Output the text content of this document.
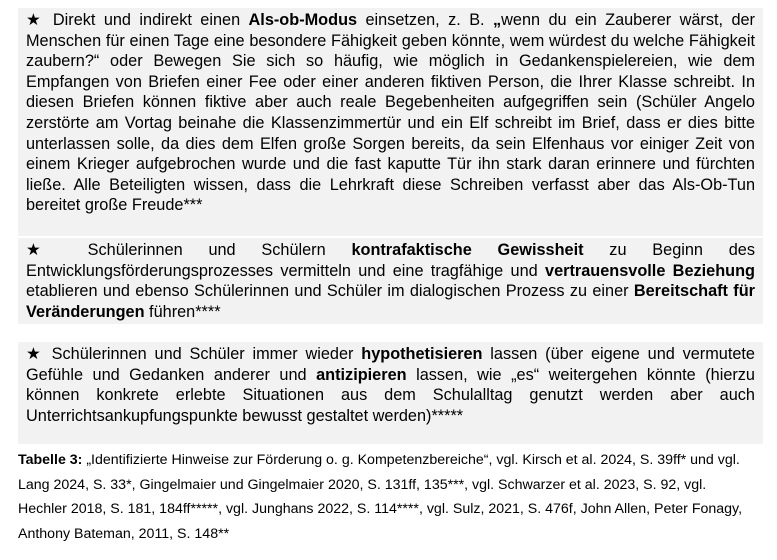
★ Direkt und indirekt einen Als-ob-Modus einsetzen, z. B. „wenn du ein Zauberer wärst, der Menschen für einen Tage eine besondere Fähigkeit geben könnte, wem würdest du welche Fähigkeit zaubern?“ oder Bewegen Sie sich so häufig, wie möglich in Gedankenspielereien, wie dem Empfangen von Briefen einer Fee oder einer anderen fiktiven Person, die Ihrer Klasse schreibt. In diesen Briefen können fiktive aber auch reale Begebenheiten aufgegriffen sein (Schüler Angelo zerstörte am Vortag beinahe die Klassenzimmertür und ein Elf schreibt im Brief, dass er dies bitte unterlassen solle, da dies dem Elfen große Sorgen bereits, da sein Elfenhaus vor einiger Zeit von einem Krieger aufgebrochen wurde und die fast kaputte Tür ihn stark daran erinnere und fürchten ließe. Alle Beteiligten wissen, dass die Lehrkraft diese Schreiben verfasst aber das Als-Ob-Tun bereitet große Freude***

★ Schülerinnen und Schülern kontrafaktische Gewissheit zu Beginn des Entwicklungsförderungsprozesses vermitteln und eine tragfähige und vertrauensvolle Beziehung etablieren und ebenso Schülerinnen und Schüler im dialogischen Prozess zu einer Bereitschaft für Veränderungen führen****

★ Schülerinnen und Schüler immer wieder hypothetisieren lassen (über eigene und vermutete Gefühle und Gedanken anderer und antizipieren lassen, wie „es“ weitergehen könnte (hierzu können konkrete erlebte Situationen aus dem Schulalltag genutzt werden aber auch Unterrichtsankupfungspunkte bewusst gestaltet werden)*****

Tabelle 3: „Identifizierte Hinweise zur Förderung o. g. Kompetenzbereiche“, vgl. Kirsch et al. 2024, S. 39ff* und vgl. Lang 2024, S. 33*, Gingelmaier und Gingelmaier 2020, S. 131ff, 135***, vgl. Schwarzer et al. 2023, S. 92, vgl. Hechler 2018, S. 181, 184ff*****, vgl. Junghans 2022, S. 114****, vgl. Sulz, 2021, S. 476f, John Allen, Peter Fonagy, Anthony Bateman, 2011, S. 148**
